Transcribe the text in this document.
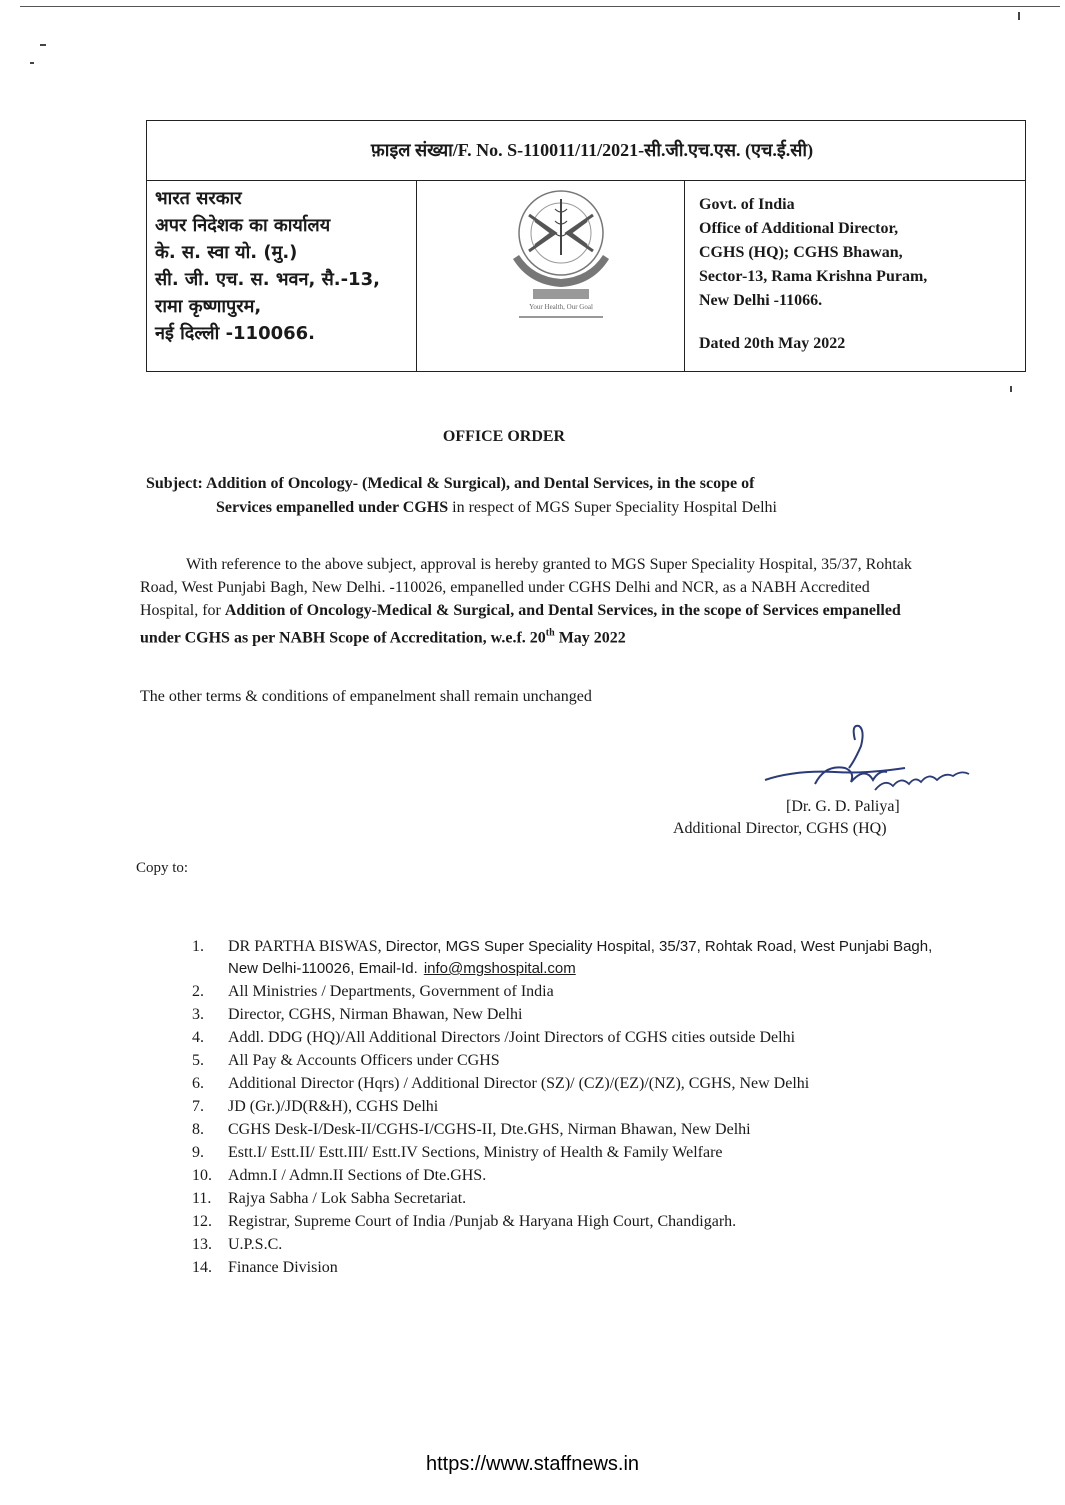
फ़ाइल संख्या/F. No. S-110011/11/2021-सी.जी.एच.एस. (एच.ई.सी)
भारत सरकार
अपर निदेशक का कार्यालय
के. स. स्वा यो. (मु.)
सी. जी. एच. स. भवन, सै.-13,
रामा कृष्णापुरम,
नई दिल्ली -110066.
Your Health, Our Goal
Govt. of India
Office of Additional Director,
CGHS (HQ); CGHS Bhawan,
Sector-13, Rama Krishna Puram,
New Delhi -11066.
Dated 20th May 2022
OFFICE ORDER
Subject: Addition of Oncology- (Medical & Surgical), and Dental Services, in the scope of
Services empanelled under CGHS in respect of MGS Super Speciality Hospital Delhi
With reference to the above subject, approval is hereby granted to MGS Super Speciality Hospital, 35/37, Rohtak Road, West Punjabi Bagh, New Delhi. -110026, empanelled under CGHS Delhi and NCR, as a NABH Accredited Hospital, for Addition of Oncology-Medical & Surgical, and Dental Services, in the scope of Services empanelled under CGHS as per NABH Scope of Accreditation, w.e.f. 20th May 2022
The other terms & conditions of empanelment shall remain unchanged
[Dr. G. D. Paliya]
Additional Director, CGHS (HQ)
Copy to:
1.	DR PARTHA BISWAS, Director, MGS Super Speciality Hospital, 35/37, Rohtak Road, West Punjabi Bagh, New Delhi-110026, Email-Id. info@mgshospital.com
2.	All Ministries / Departments, Government of India
3.	Director, CGHS, Nirman Bhawan, New Delhi
4.	Addl. DDG (HQ)/All Additional Directors /Joint Directors of CGHS cities outside Delhi
5.	All Pay & Accounts Officers under CGHS
6.	Additional Director (Hqrs) / Additional Director (SZ)/ (CZ)/(EZ)/(NZ), CGHS, New Delhi
7.	JD (Gr.)/JD(R&H), CGHS Delhi
8.	CGHS Desk-I/Desk-II/CGHS-I/CGHS-II, Dte.GHS, Nirman Bhawan, New Delhi
9.	Estt.I/ Estt.II/ Estt.III/ Estt.IV Sections, Ministry of Health & Family Welfare
10.	Admn.I / Admn.II Sections of Dte.GHS.
11.	Rajya Sabha / Lok Sabha Secretariat.
12.	Registrar, Supreme Court of India /Punjab & Haryana High Court, Chandigarh.
13.	U.P.S.C.
14.	Finance Division
https://www.staffnews.in
